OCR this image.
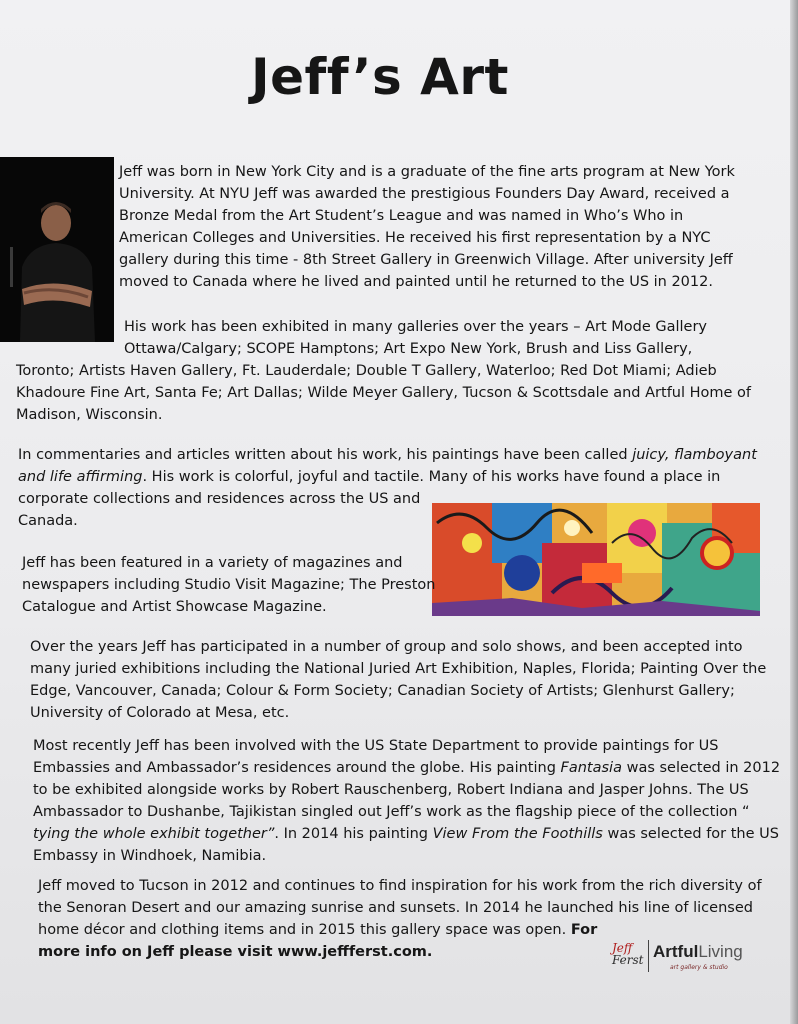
Jeff’s Art
Jeff was born in New York City and is a graduate of the fine arts program at New York
University. At NYU Jeff was awarded the prestigious Founders Day Award, received a
Bronze Medal from the Art Student’s League and was named in Who’s Who in
American Colleges and Universities. He received his first representation by a NYC
gallery during this time - 8th Street Gallery in Greenwich Village. After university Jeff
moved to Canada where he lived and painted until he returned to the US in 2012.
His work has been exhibited in many galleries over the years – Art Mode Gallery
Ottawa/Calgary; SCOPE Hamptons; Art Expo New York, Brush and Liss Gallery,
Toronto; Artists Haven Gallery, Ft. Lauderdale; Double T Gallery, Waterloo; Red Dot Miami; Adieb
Khadoure Fine Art, Santa Fe; Art Dallas; Wilde Meyer Gallery, Tucson & Scottsdale and Artful Home of
Madison, Wisconsin.
In commentaries and articles written about his work, his paintings have been called juicy, flamboyant
and life affirming. His work is colorful, joyful and tactile. Many of his works have found a place in
corporate collections and residences across the US and
Canada.
Jeff has been featured in a variety of magazines and
newspapers including Studio Visit Magazine; The Preston
Catalogue and Artist Showcase Magazine.
Over the years Jeff has participated in a number of group and solo shows, and been accepted into
many juried exhibitions including the National Juried Art Exhibition, Naples, Florida; Painting Over the
Edge, Vancouver, Canada; Colour & Form Society; Canadian Society of Artists; Glenhurst Gallery;
University of Colorado at Mesa, etc.
Most recently Jeff has been involved with the US State Department to provide paintings for US
Embassies and Ambassador’s residences around the globe. His painting Fantasia was selected in 2012
to be exhibited alongside works by Robert Rauschenberg, Robert Indiana and Jasper Johns. The US
Ambassador to Dushanbe, Tajikistan singled out Jeff’s work as the flagship piece of the collection “
tying the whole exhibit together”. In 2014 his painting View From the Foothills was selected for the US
Embassy in Windhoek, Namibia.
Jeff moved to Tucson in 2012 and continues to find inspiration for his work from the rich diversity of
the Senoran Desert and our amazing sunrise and sunsets. In 2014 he launched his line of licensed
home décor and clothing items and in 2015 this gallery space was open. For
more info on Jeff please visit www.jeffferst.com.	Jeff
Ferst ArtfulLiving
art gallery & studio
